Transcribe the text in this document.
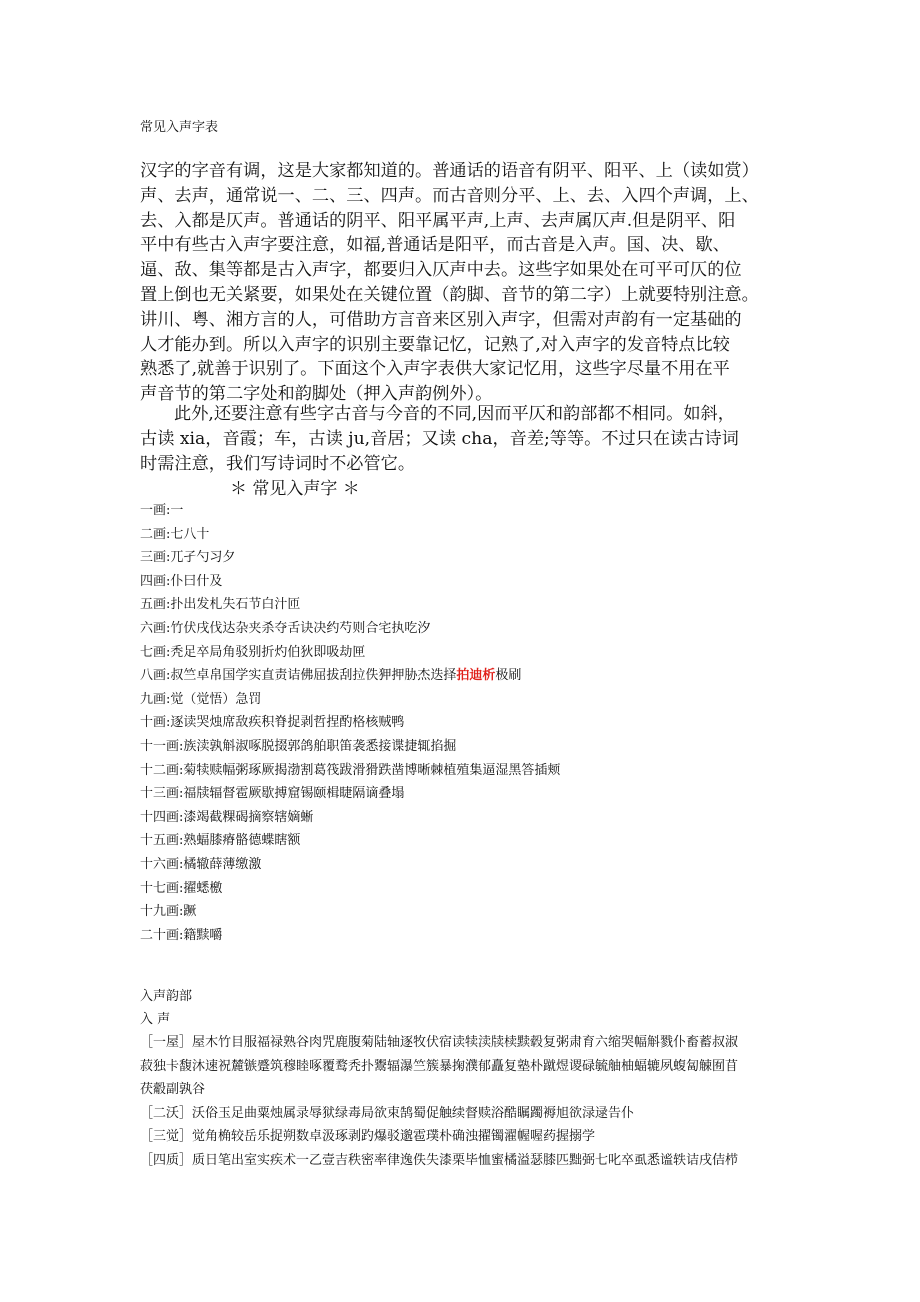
常见入声字表
汉字的字音有调，这是大家都知道的。普通话的语音有阴平、阳平、上（读如赏）
声、去声，通常说一、二、三、四声。而古音则分平、上、去、入四个声调，上、
去、入都是仄声。普通话的阴平、阳平属平声,上声、去声属仄声.但是阴平、阳
平中有些古入声字要注意，如福,普通话是阳平，而古音是入声。国、决、歇、
逼、敌、集等都是古入声字，都要归入仄声中去。这些字如果处在可平可仄的位
置上倒也无关紧要，如果处在关键位置（韵脚、音节的第二字）上就要特别注意。
讲川、粤、湘方言的人，可借助方言音来区别入声字，但需对声韵有一定基础的
人才能办到。所以入声字的识别主要靠记忆，记熟了,对入声字的发音特点比较
熟悉了,就善于识别了。下面这个入声字表供大家记忆用，这些字尽量不用在平
声音节的第二字处和韵脚处（押入声韵例外）。
此外,还要注意有些字古音与今音的不同,因而平仄和韵部都不相同。如斜，
古读 xia，音霞；车，古读 ju,音居；又读 cha，音差;等等。不过只在读古诗词
时需注意，我们写诗词时不必管它。
＊ 常见入声字 ＊
一画:一
二画:七八十
三画:兀孑勺习夕
四画:仆曰什及
五画:扑出发札失石节白汁匝
六画:竹伏戌伐达杂夹杀夺舌诀决约芍则合宅执吃汐
七画:秃足卒局角驳别折灼伯狄即吸劫匣
八画:叔竺卓帛国学实直责诘佛屈拔刮拉佚狎押胁杰迭择拍迪析极刷
九画:觉（觉悟）急罚
十画:逐读哭烛席敌疾积脊捉剥哲捏酌格核贼鸭
十一画:族渎孰斛淑啄脱掇郭鸽舶职笛袭悉接谍捷辄掐掘
十二画:菊犊赎幅粥琢厥揭渤割葛筏跋滑猾跌凿博晰棘植殖集逼湿黑答插颊
十三画:福牍辐督雹厥歇搏窟锡颐楫睫隔谪叠塌
十四画:漆竭截粿碣摘察辖嫡蜥
十五画:熟蝠膝瘠骼德蝶瞎额
十六画:橘辙薛薄缴激
十七画:擢蟋檄
十九画:蹶
二十画:籍黩嚼
入声韵部
入 声
［一屋］屋木竹目服福禄熟谷肉咒鹿腹菊陆轴逐牧伏宿读犊渎牍椟黩毂复粥肃育六缩哭幅斛戮仆畜蓄叔淑
菽独卡馥沐速祝麓镞蹙筑穆睦啄覆鹜秃扑鬻辐瀑竺簇暴掬濮郁矗复塾朴蹴煜谡碌毓舳柚蝠辘夙蝮匐觫囿苜
茯觳副孰谷
［二沃］沃俗玉足曲粟烛属录辱狱绿毒局欲束鹄蜀促触续督赎浴酷瞩躅褥旭欲渌逯告仆
［三觉］觉角桷较岳乐捉朔数卓汲琢剥趵爆驳邈雹璞朴确浊擢镯濯幄喔药握搦学
［四质］质日笔出室实疾术一乙壹吉秩密率律逸佚失漆栗毕恤蜜橘溢瑟膝匹黜弼七叱卒虱悉谧轶诘戌佶栉
